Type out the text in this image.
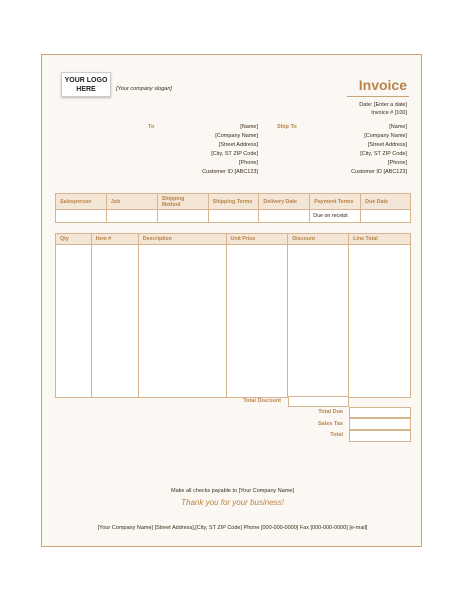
YOUR LOGO HERE	[Your company slogan]	Invoice
Date: [Enter a date]
Invoice # [100]
To	Ship To
[Name]
[Company Name]
[Street Address]
[City, ST ZIP Code]
[Phone]
Customer ID [ABC123]
[Name]
[Company Name]
[Street Address]
[City, ST ZIP Code]
[Phone]
Customer ID [ABC123]
Salesperson	Job	Shipping Method	Shipping Terms	Delivery Date	Payment Terms	Due Date
					Due on receipt	
Qty	Item #	Description	Unit Price	Discount	Line Total

Total Discount
Total Due
Sales Tax
Total
Make all checks payable to [Your Company Name]
Thank you for your business!
[Your Company Name] [Street Address],[City, ST ZIP Code] Phone [000-000-0000] Fax [000-000-0000] [e-mail]
